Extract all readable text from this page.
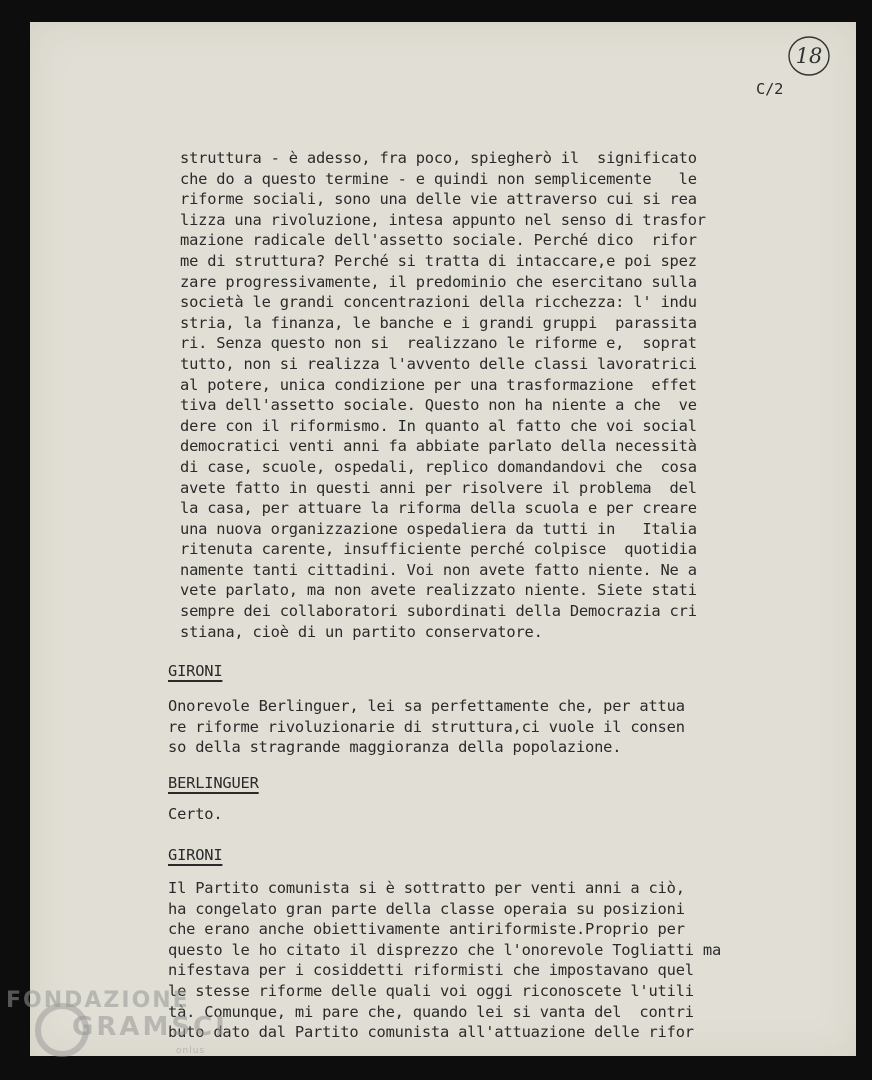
18
C/2
struttura - è adesso, fra poco, spiegherò il  significato
che do a questo termine - e quindi non semplicemente   le
riforme sociali, sono una delle vie attraverso cui si rea
lizza una rivoluzione, intesa appunto nel senso di trasfor
mazione radicale dell'assetto sociale. Perché dico  rifor
me di struttura? Perché si tratta di intaccare,e poi spez
zare progressivamente, il predominio che esercitano sulla
società le grandi concentrazioni della ricchezza: l' indu
stria, la finanza, le banche e i grandi gruppi  parassita
ri. Senza questo non si  realizzano le riforme e,  soprat
tutto, non si realizza l'avvento delle classi lavoratrici
al potere, unica condizione per una trasformazione  effet
tiva dell'assetto sociale. Questo non ha niente a che  ve
dere con il riformismo. In quanto al fatto che voi social
democratici venti anni fa abbiate parlato della necessità
di case, scuole, ospedali, replico domandandovi che  cosa
avete fatto in questi anni per risolvere il problema  del
la casa, per attuare la riforma della scuola e per creare
una nuova organizzazione ospedaliera da tutti in   Italia
ritenuta carente, insufficiente perché colpisce  quotidia
namente tanti cittadini. Voi non avete fatto niente. Ne a
vete parlato, ma non avete realizzato niente. Siete stati
sempre dei collaboratori subordinati della Democrazia cri
stiana, cioè di un partito conservatore.
GIRONI
Onorevole Berlinguer, lei sa perfettamente che, per attua
re riforme rivoluzionarie di struttura,ci vuole il consen
so della stragrande maggioranza della popolazione.
BERLINGUER
Certo.
GIRONI
Il Partito comunista si è sottratto per venti anni a ciò,
ha congelato gran parte della classe operaia su posizioni
che erano anche obiettivamente antiriformiste.Proprio per
questo le ho citato il disprezzo che l'onorevole Togliatti ma
nifestava per i cosiddetti riformisti che impostavano quel
le stesse riforme delle quali voi oggi riconoscete l'utili
tà. Comunque, mi pare che, quando lei si vanta del  contri
buto dato dal Partito comunista all'attuazione delle rifor
FONDAZIONE
GRAMSCI
onlus
